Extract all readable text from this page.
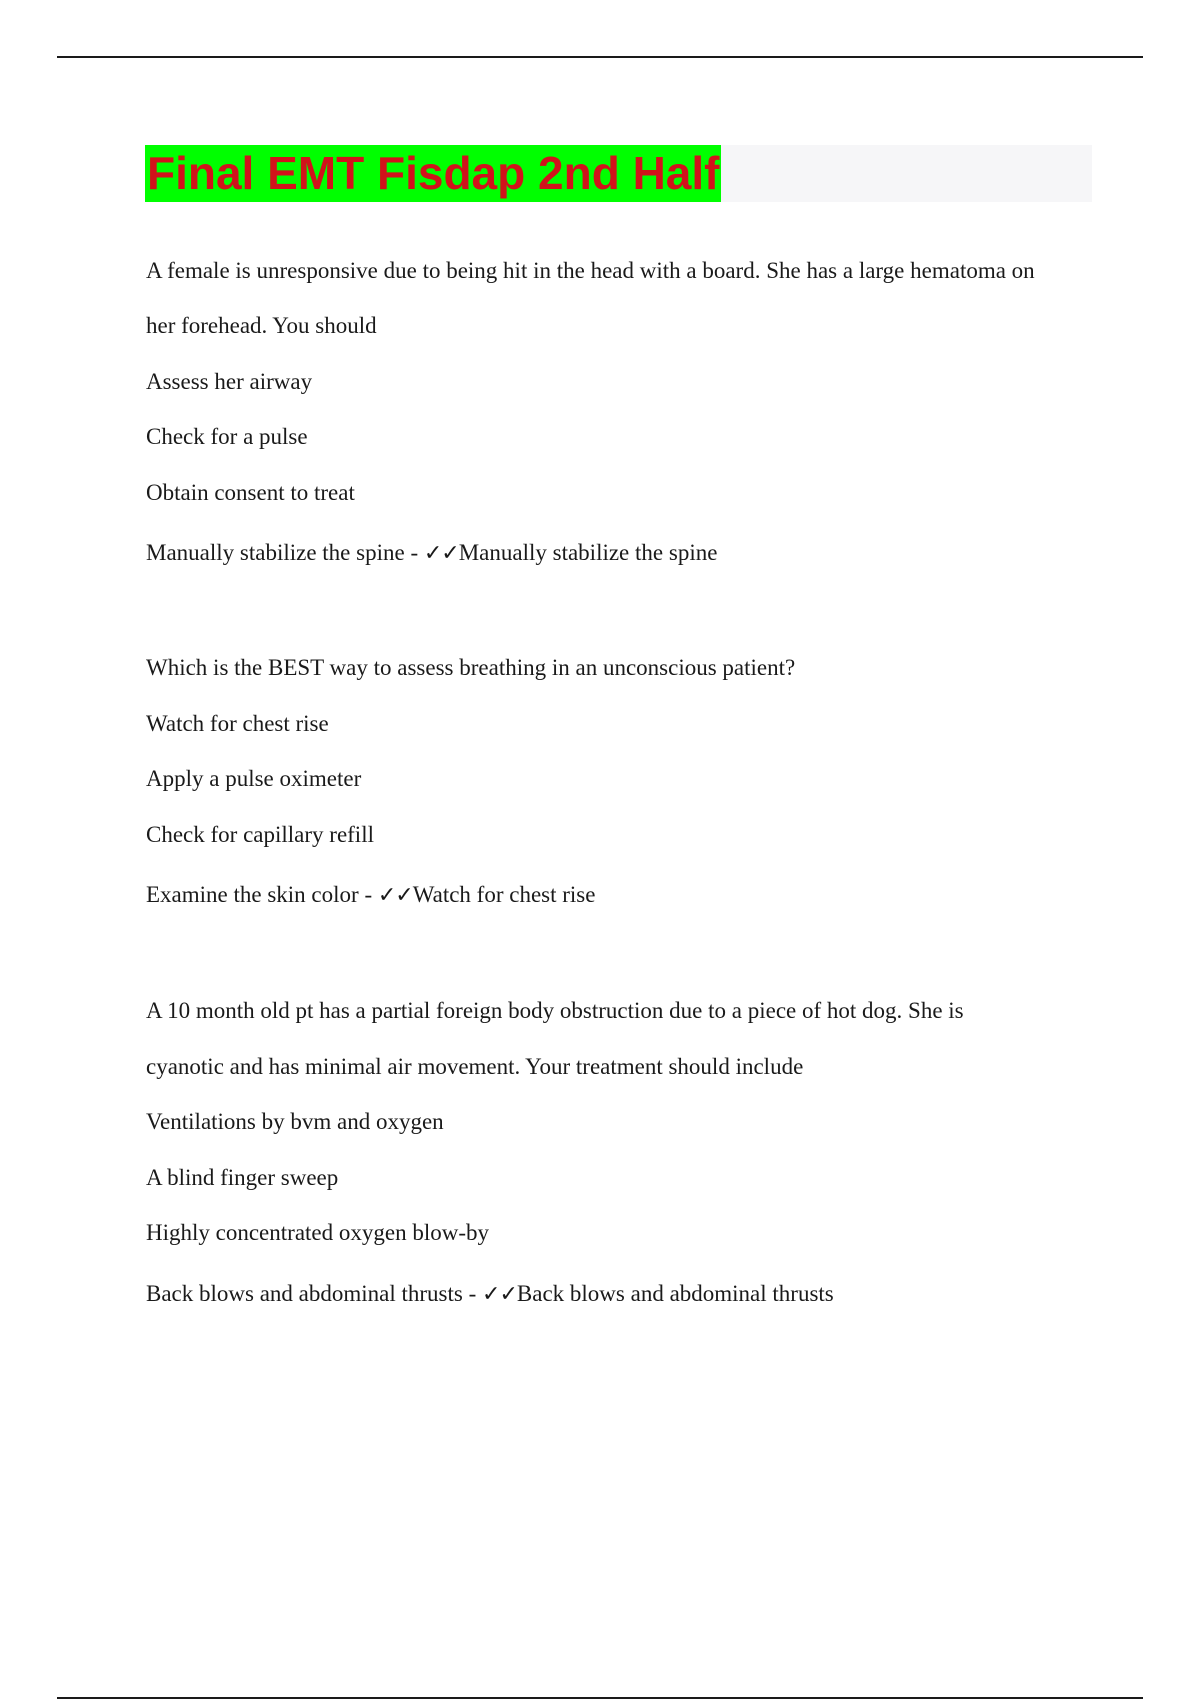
Final EMT Fisdap 2nd Half
A female is unresponsive due to being hit in the head with a board. She has a large hematoma on
her forehead. You should
Assess her airway
Check for a pulse
Obtain consent to treat
Manually stabilize the spine - ✓✓Manually stabilize the spine
Which is the BEST way to assess breathing in an unconscious patient?
Watch for chest rise
Apply a pulse oximeter
Check for capillary refill
Examine the skin color - ✓✓Watch for chest rise
A 10 month old pt has a partial foreign body obstruction due to a piece of hot dog. She is
cyanotic and has minimal air movement. Your treatment should include
Ventilations by bvm and oxygen
A blind finger sweep
Highly concentrated oxygen blow-by
Back blows and abdominal thrusts - ✓✓Back blows and abdominal thrusts
